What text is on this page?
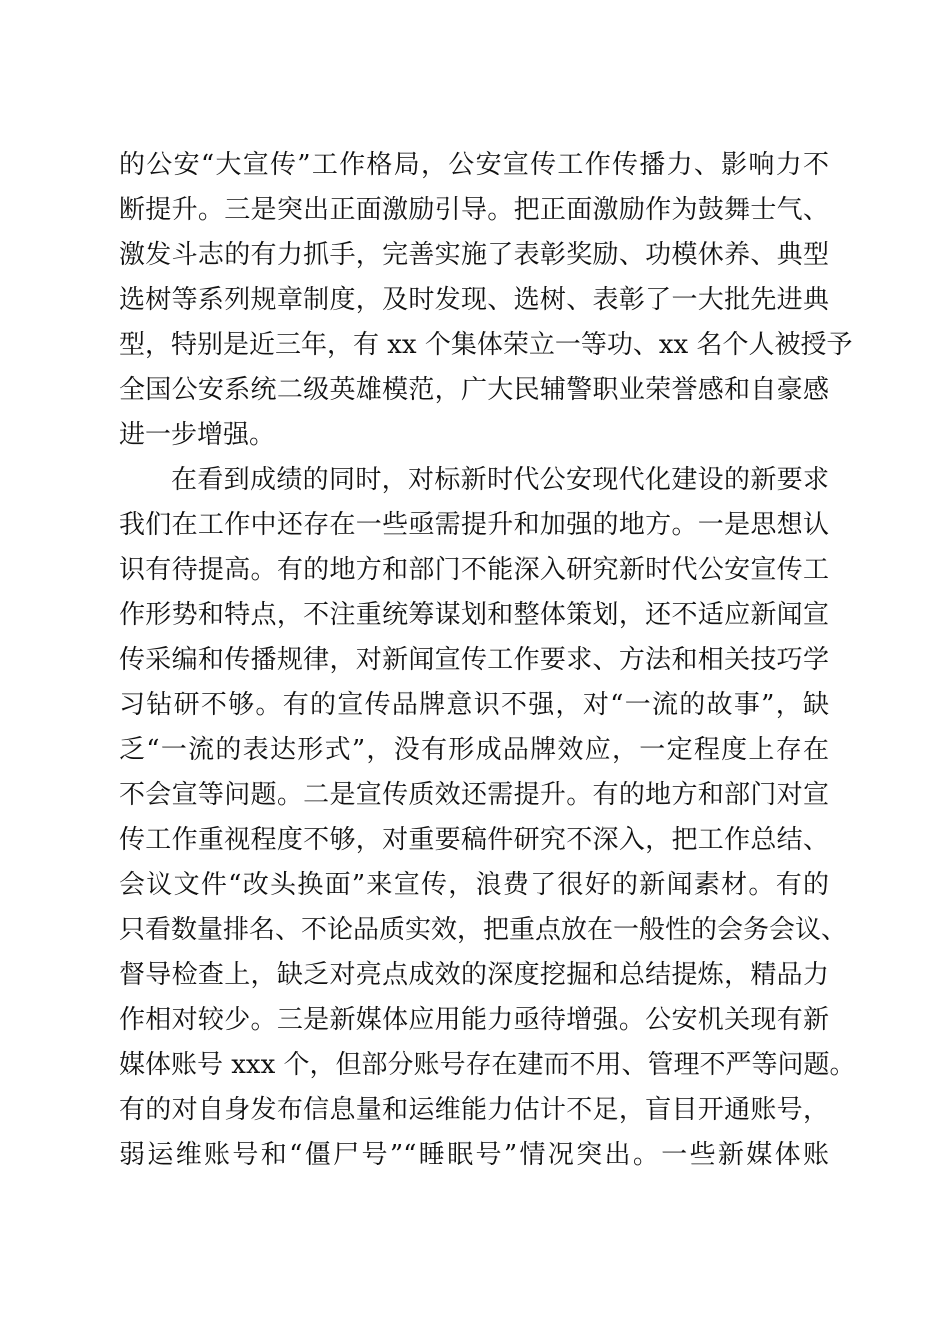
的公安“大宣传”工作格局，公安宣传工作传播力、影响力不
断提升。三是突出正面激励引导。把正面激励作为鼓舞士气、
激发斗志的有力抓手，完善实施了表彰奖励、功模休养、典型
选树等系列规章制度，及时发现、选树、表彰了一大批先进典
型，特别是近三年，有 xx 个集体荣立一等功、xx 名个人被授予
全国公安系统二级英雄模范，广大民辅警职业荣誉感和自豪感
进一步增强。
在看到成绩的同时，对标新时代公安现代化建设的新要求
我们在工作中还存在一些亟需提升和加强的地方。一是思想认
识有待提高。有的地方和部门不能深入研究新时代公安宣传工
作形势和特点，不注重统筹谋划和整体策划，还不适应新闻宣
传采编和传播规律，对新闻宣传工作要求、方法和相关技巧学
习钻研不够。有的宣传品牌意识不强，对“一流的故事”，缺
乏“一流的表达形式”，没有形成品牌效应，一定程度上存在
不会宣等问题。二是宣传质效还需提升。有的地方和部门对宣
传工作重视程度不够，对重要稿件研究不深入，把工作总结、
会议文件“改头换面”来宣传，浪费了很好的新闻素材。有的
只看数量排名、不论品质实效，把重点放在一般性的会务会议、
督导检查上，缺乏对亮点成效的深度挖掘和总结提炼，精品力
作相对较少。三是新媒体应用能力亟待增强。公安机关现有新
媒体账号 xxx 个，但部分账号存在建而不用、管理不严等问题。
有的对自身发布信息量和运维能力估计不足，盲目开通账号，
弱运维账号和“僵尸号”“睡眠号”情况突出。一些新媒体账
